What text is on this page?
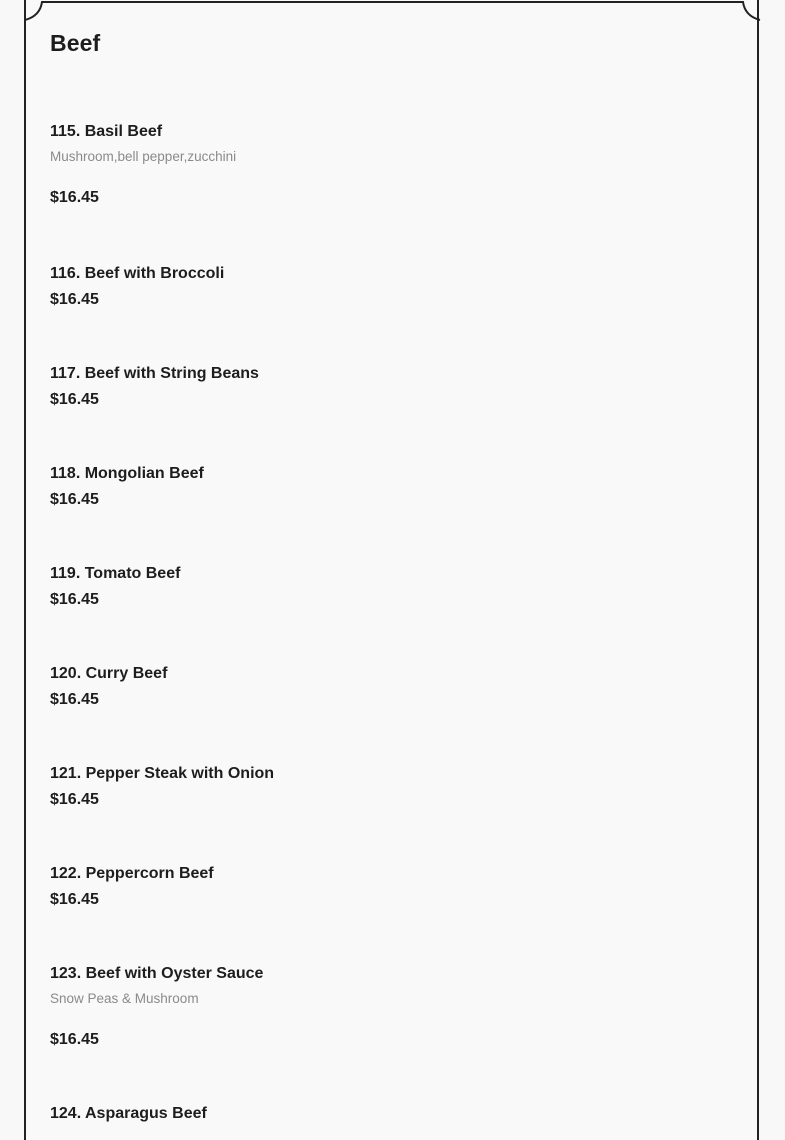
Beef
115. Basil Beef
Mushroom,bell pepper,zucchini
$16.45
116. Beef with Broccoli
$16.45
117. Beef with String Beans
$16.45
118. Mongolian Beef
$16.45
119. Tomato Beef
$16.45
120. Curry Beef
$16.45
121. Pepper Steak with Onion
$16.45
122. Peppercorn Beef
$16.45
123. Beef with Oyster Sauce
Snow Peas & Mushroom
$16.45
124. Asparagus Beef
